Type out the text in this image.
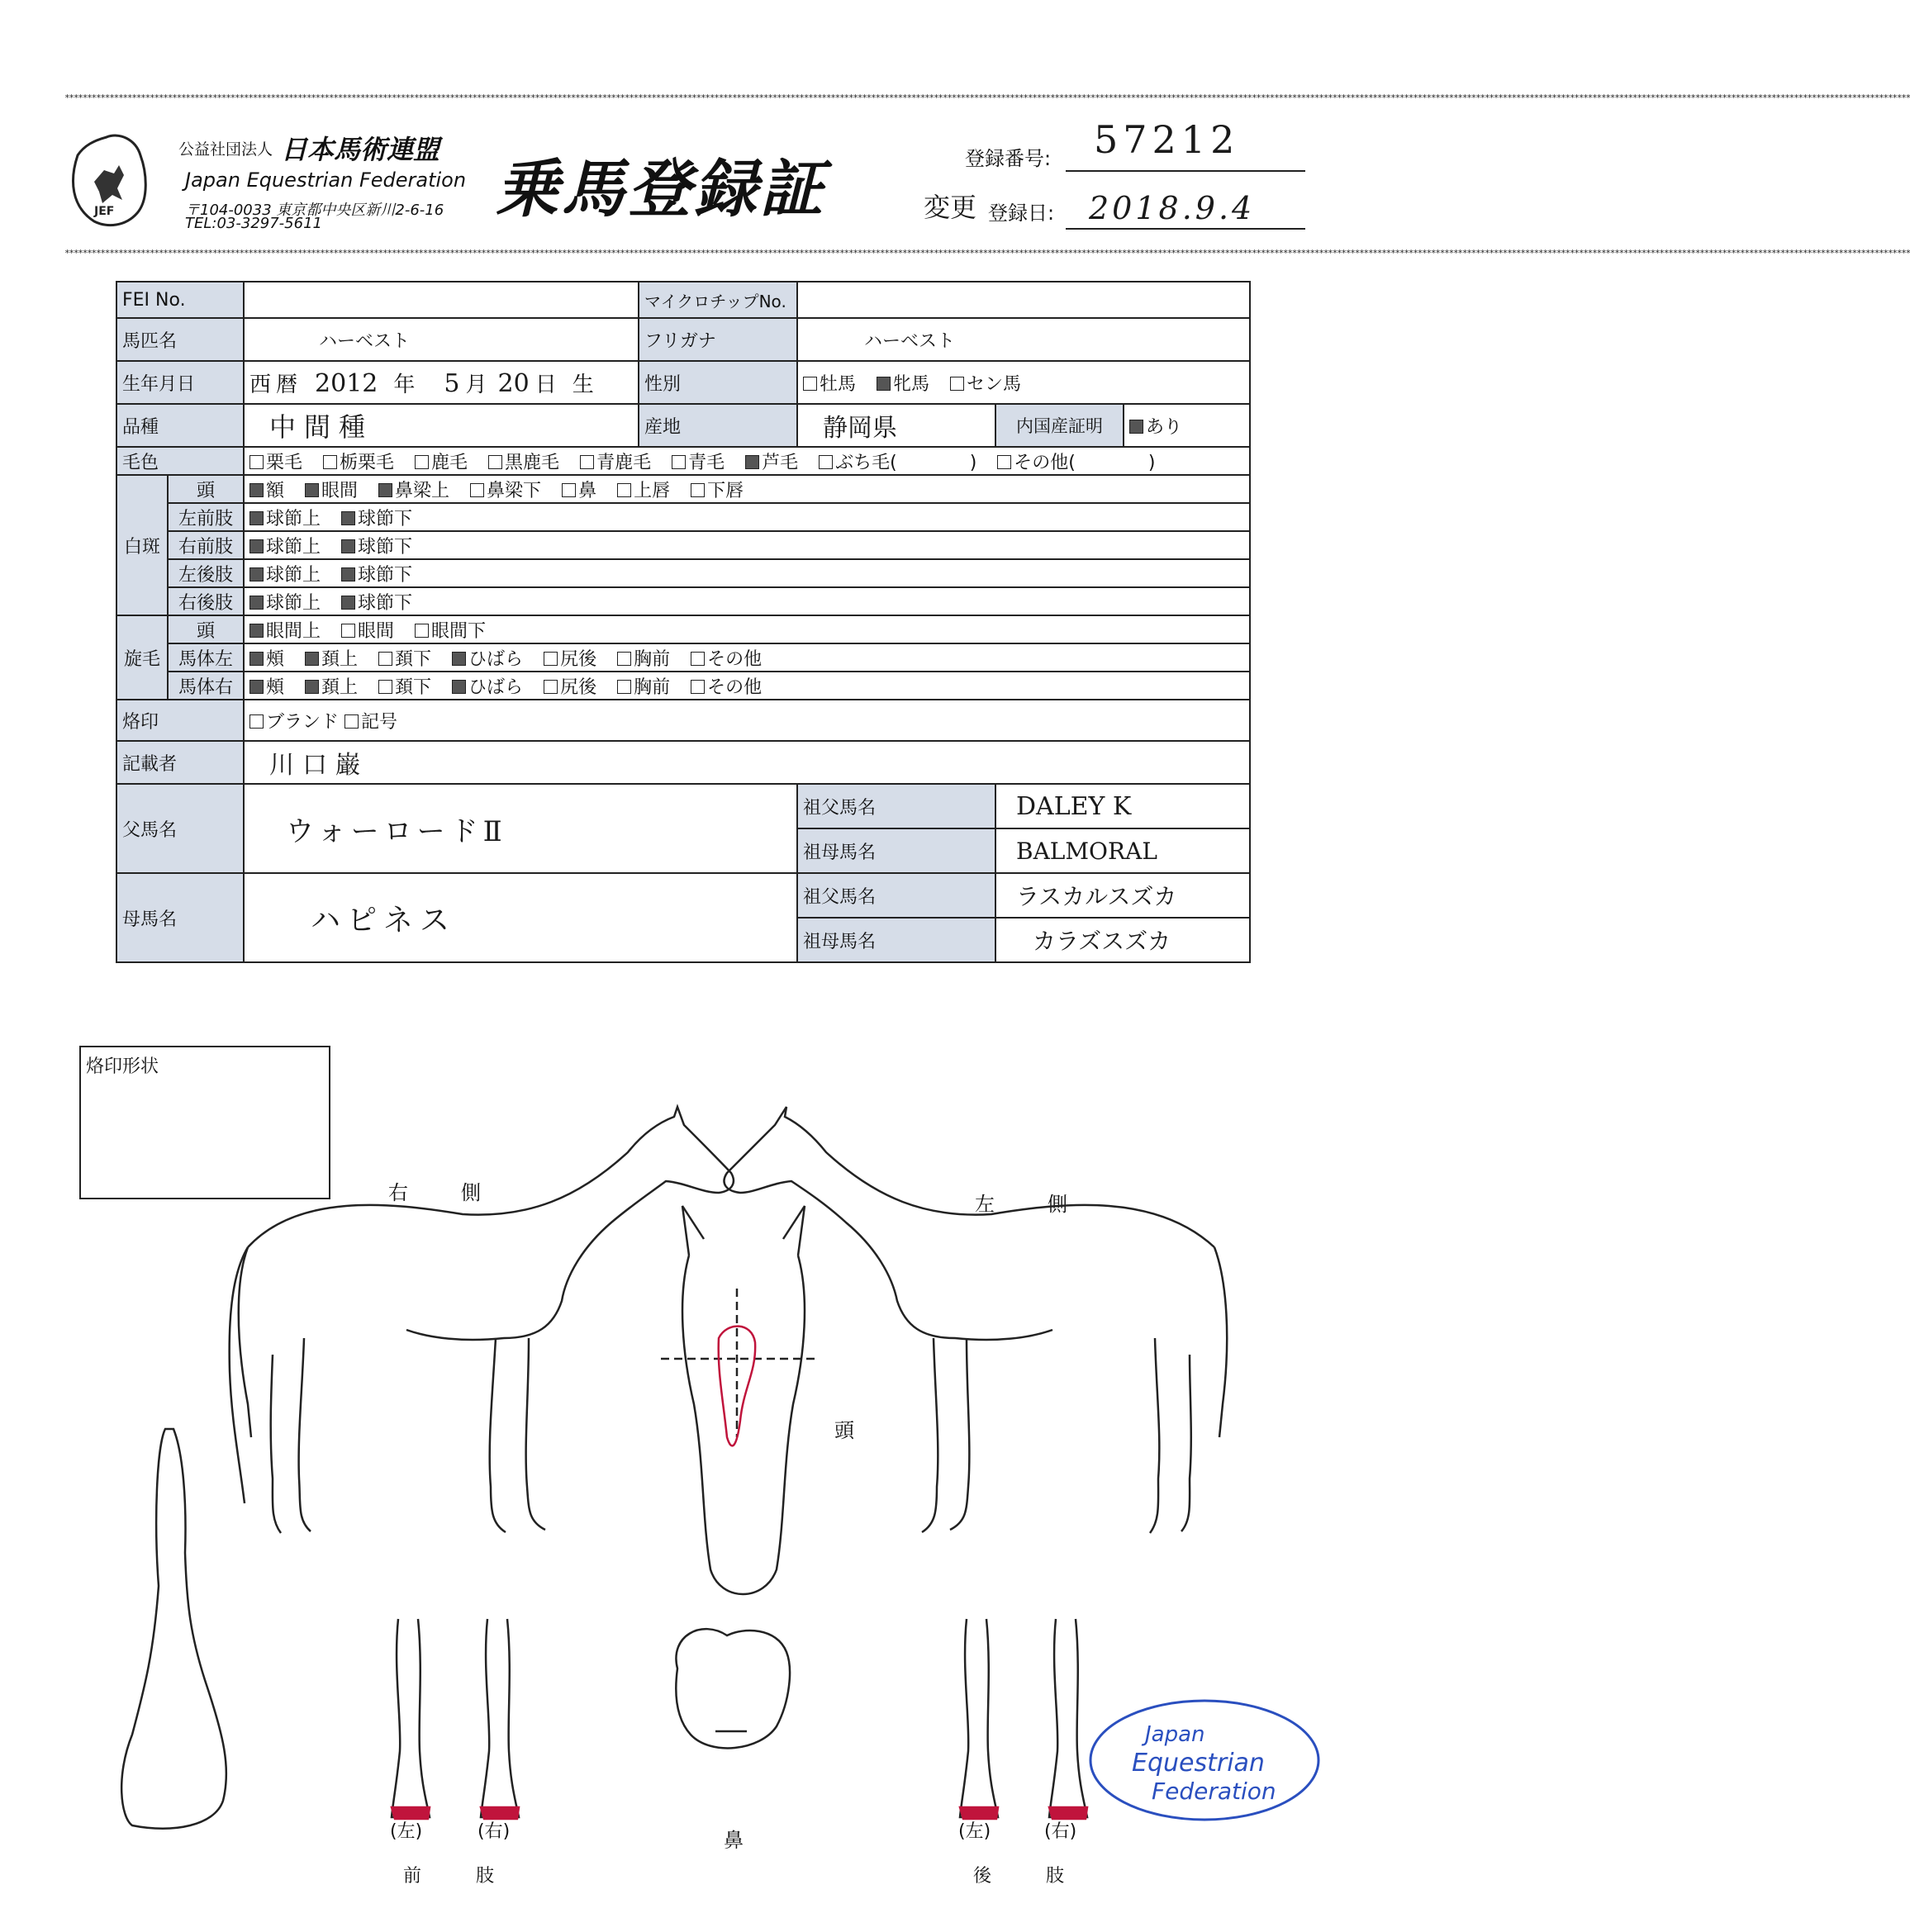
****************************************************************************************************************************************************************************************************************************************************************************************************************************************************************************************************************************
JEF
公益社団法人 日本馬術連盟
Japan Equestrian Federation
〒104-0033 東京都中央区新川2-6-16
TEL:03-3297-5611	乗馬登録証	登録番号: 57212
変更 登録日: 2018.9.4
****************************************************************************************************************************************************************************************************************************************************************************************************************************************************************************************************************************
FEI No.			マイクロチップNo.			
馬匹名		ハーベスト	フリガナ	ハーベスト		
生年月日		西暦 2012 年 5 月 20 日 生	性別	牡馬 牝馬 セン馬		
品種		中間種	産地	静岡県	内国産証明	あり
毛色		栗毛 栃栗毛 鹿毛 黒鹿毛 青鹿毛 青毛 芦毛 ぶち毛(　　　　) その他(　　　　)				
白斑	頭	額 眼間 鼻梁上 鼻梁下 鼻 上唇 下唇				
	左前肢	球節上 球節下				
	右前肢	球節上 球節下				
	左後肢	球節上 球節下				
	右後肢	球節上 球節下				
旋毛	頭	眼間上 眼間 眼間下				
	馬体左	頰 頚上 頚下 ひばら 尻後 胸前 その他				
	馬体右	頰 頚上 頚下 ひばら 尻後 胸前 その他				
烙印		ブランド 記号				
記載者		川口巌				
父馬名		ウォーロードⅡ		祖父馬名	DALEY K	
				祖母馬名	BALMORAL	
母馬名		ハピネス		祖父馬名	ラスカルスズカ	
				祖母馬名	カラズスズカ	
烙印形状
右　側	左　側
頭
鼻
(左)	(右)
前　　　肢
(左)	(右)
後　　　肢
Japan
Equestrian
Federation
